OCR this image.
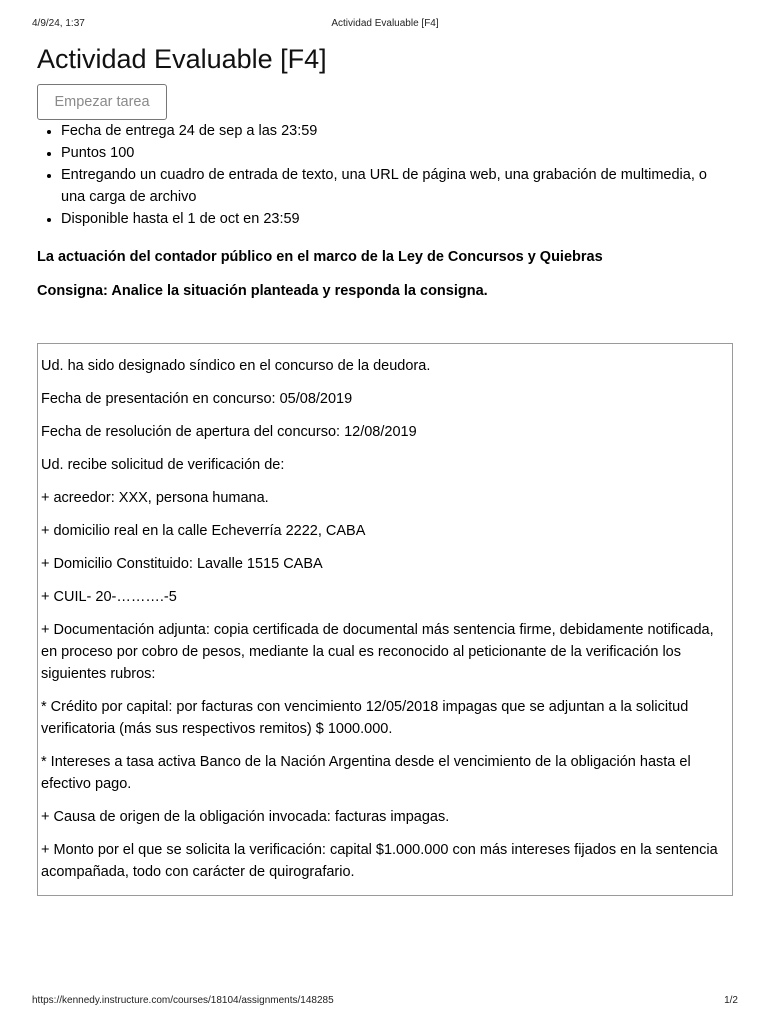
4/9/24, 1:37	Actividad Evaluable [F4]
Actividad Evaluable [F4]
Empezar tarea
Fecha de entrega 24 de sep a las 23:59
Puntos 100
Entregando un cuadro de entrada de texto, una URL de página web, una grabación de multimedia, o una carga de archivo
Disponible hasta el 1 de oct en 23:59

La actuación del contador público en el marco de la Ley de Concursos y Quiebras

Consigna: Analice la situación planteada y responda la consigna.

Ud. ha sido designado síndico en el concurso de la deudora.

Fecha de presentación en concurso: 05/08/2019

Fecha de resolución de apertura del concurso: 12/08/2019

Ud. recibe solicitud de verificación de:

+ acreedor: XXX, persona humana.

+ domicilio real en la calle Echeverría 2222, CABA

+ Domicilio Constituido: Lavalle 1515 CABA

+ CUIL- 20-……….-5

+ Documentación adjunta: copia certificada de documental más sentencia firme, debidamente notificada, en proceso por cobro de pesos, mediante la cual es reconocido al peticionante de la verificación los siguientes rubros:

* Crédito por capital: por facturas con vencimiento 12/05/2018 impagas que se adjuntan a la solicitud verificatoria (más sus respectivos remitos) $ 1000.000.

* Intereses a tasa activa Banco de la Nación Argentina desde el vencimiento de la obligación hasta el efectivo pago.

+ Causa de origen de la obligación invocada: facturas impagas.

+ Monto por el que se solicita la verificación: capital $1.000.000 con más intereses fijados en la sentencia acompañada, todo con carácter de quirografario.

https://kennedy.instructure.com/courses/18104/assignments/148285	1/2
